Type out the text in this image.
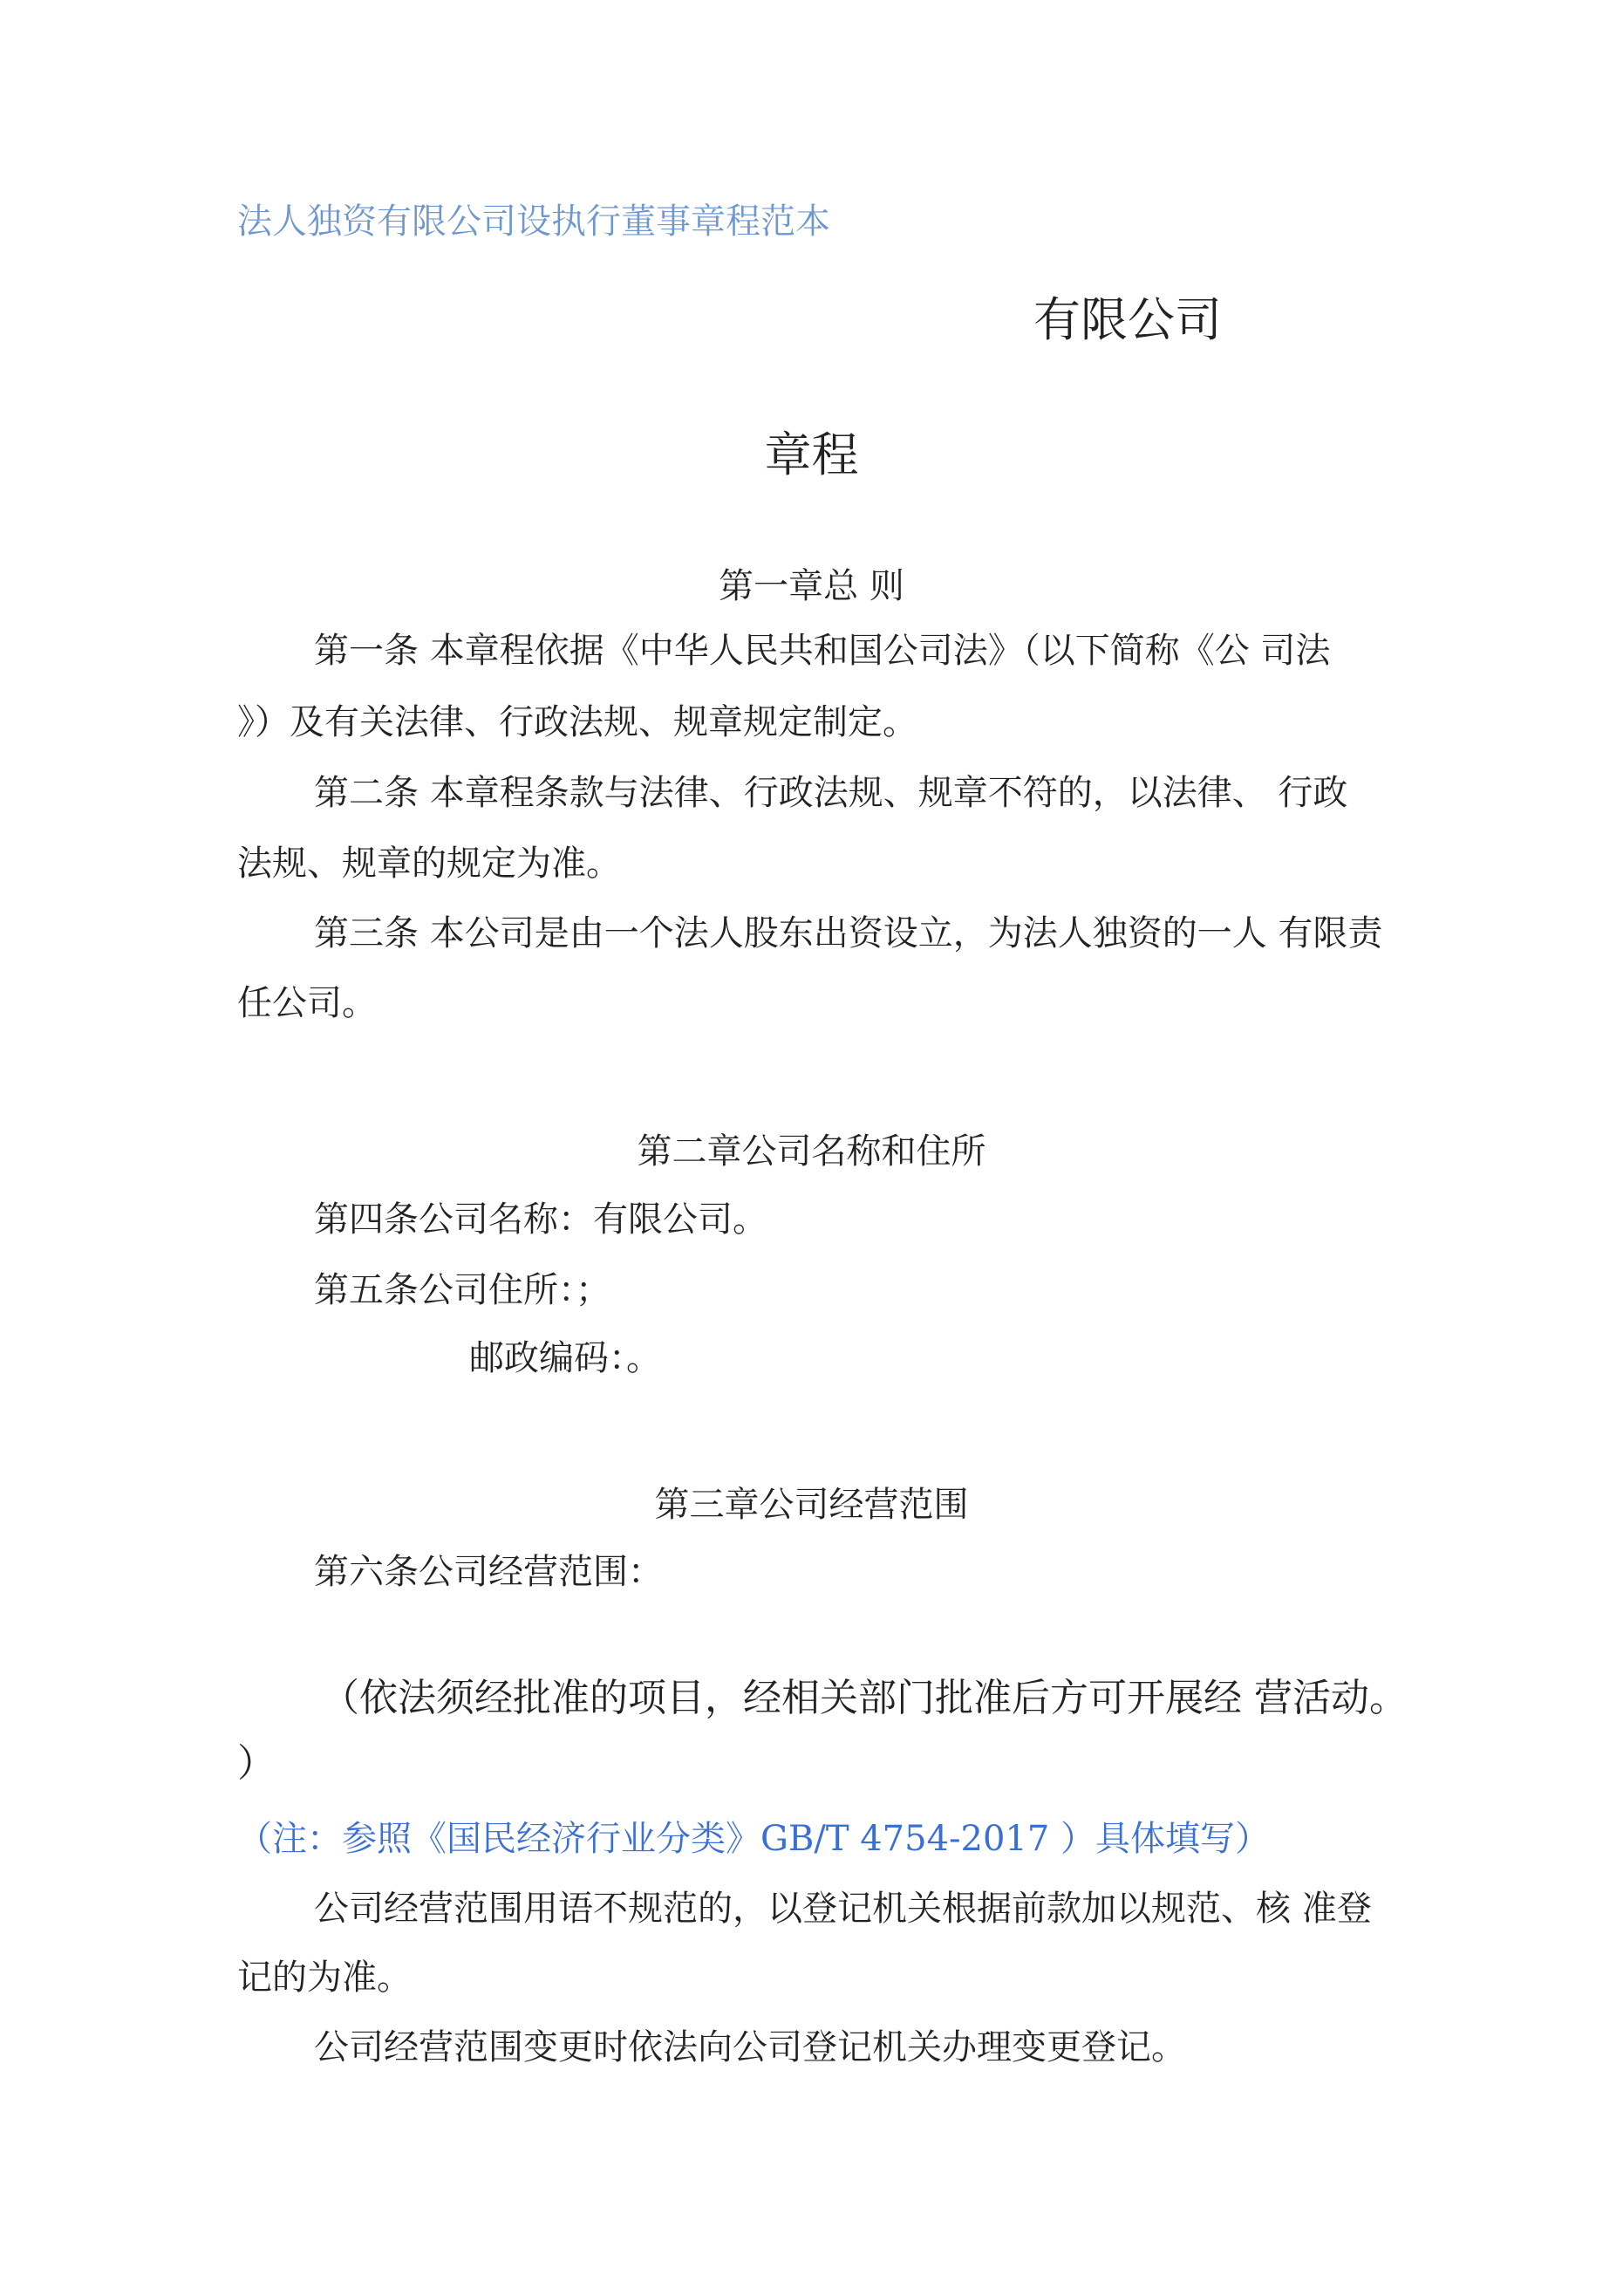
法人独资有限公司设执行董事章程范本

有限公司

章程

第一章总 则

第一条 本章程依据《中华人民共和国公司法》（以下简称《公 司法

》）及有关法律、行政法规、规章规定制定。

第二条 本章程条款与法律、行政法规、规章不符的，以法律、 行政

法规、规章的规定为准。

第三条 本公司是由一个法人股东出资设立，为法人独资的一人 有限责

任公司。

第二章公司名称和住所

第四条公司名称：有限公司。

第五条公司住所：；

邮政编码：。

第三章公司经营范围

第六条公司经营范围：

（依法须经批准的项目，经相关部门批准后方可开展经 营活动。

）

（注：参照《国民经济行业分类》GB/T 4754-2017 ）具体填写）

公司经营范围用语不规范的，以登记机关根据前款加以规范、核 准登

记的为准。

公司经营范围变更时依法向公司登记机关办理变更登记。
